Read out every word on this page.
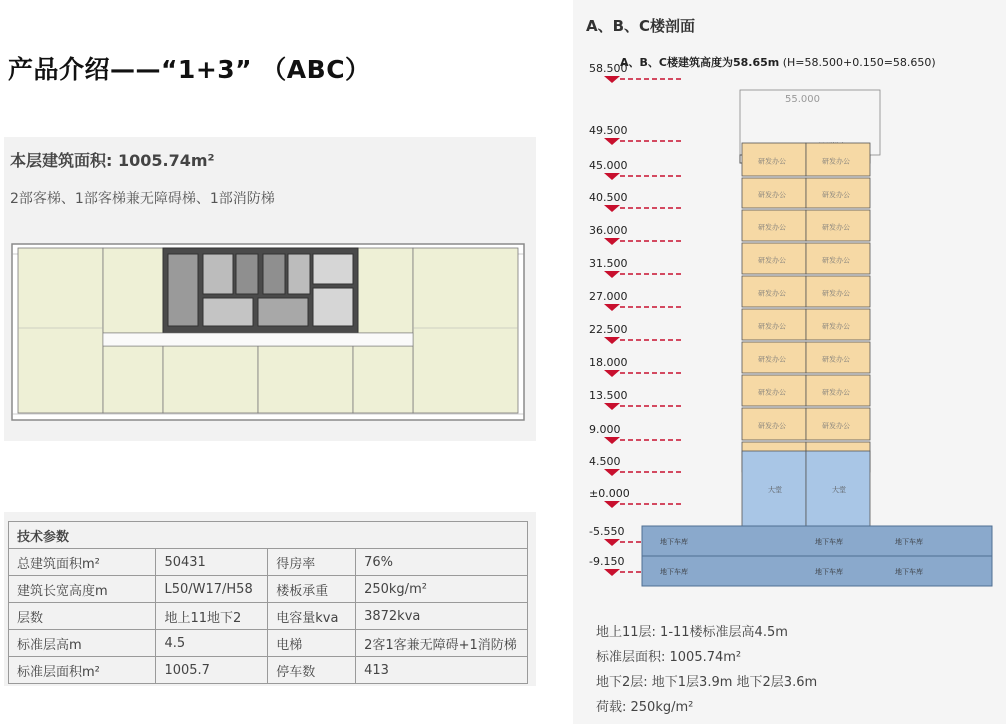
产品介绍——“1+3” （ABC）
本层建筑面积: 1005.74m²
2部客梯、1部客梯兼无障碍梯、1部消防梯
技术参数			
总建筑面积m²	50431	得房率	76%
建筑长宽高度m	L50/W17/H58	楼板承重	250kg/m²
层数	地上11地下2	电容量kva	3872kva
标准层高m	4.5	电梯	2客1客兼无障碍+1消防梯
标准层面积m²	1005.7	停车数	413
A、B、C楼剖面
A、B、C楼建筑高度为58.65m (H=58.500+0.150=58.650)
58.500
49.500
45.000
40.500
36.000
31.500
27.000
22.500
18.000
13.500
9.000
4.500
±0.000
-5.550
-9.150
55.000
研发办公	研发办公
研发办公	研发办公
研发办公	研发办公
研发办公	研发办公
研发办公	研发办公
研发办公	研发办公
研发办公	研发办公
研发办公	研发办公
研发办公	研发办公
大堂	大堂
地下车库	地下车库	地下车库
地下车库	地下车库	地下车库
地上11层: 1-11楼标准层高4.5m
标准层面积: 1005.74m²
地下2层: 地下1层3.9m 地下2层3.6m
荷载: 250kg/m²
